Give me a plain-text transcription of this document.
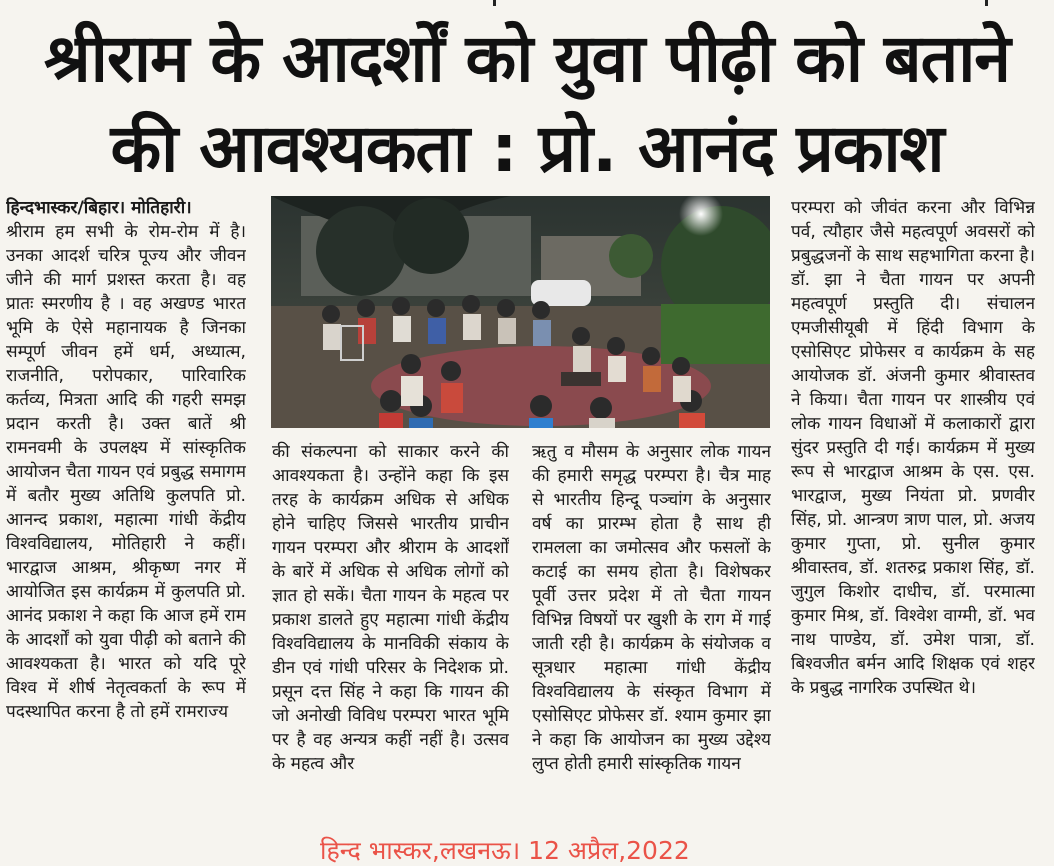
श्रीराम के आदर्शों को युवा पीढ़ी को बताने
की आवश्यकता : प्रो. आनंद प्रकाश

हिन्दभास्कर/बिहार। मोतिहारी।
श्रीराम हम सभी के रोम-रोम में है। उनका आदर्श चरित्र पूज्य और जीवन जीने की मार्ग प्रशस्त करता है। वह प्रातः स्मरणीय है । वह अखण्ड भारत भूमि के ऐसे महानायक है जिनका सम्पूर्ण जीवन हमें धर्म, अध्यात्म, राजनीति, परोपकार, पारिवारिक कर्तव्य, मित्रता आदि की गहरी समझ प्रदान करती है। उक्त बातें श्री रामनवमी के उपलक्ष्य में सांस्कृतिक आयोजन चैता गायन एवं प्रबुद्ध समागम में बतौर मुख्य अतिथि कुलपति प्रो. आनन्द प्रकाश, महात्मा गांधी केंद्रीय विश्वविद्यालय, मोतिहारी ने कहीं। भारद्वाज आश्रम, श्रीकृष्ण नगर में आयोजित इस कार्यक्रम में कुलपति प्रो. आनंद प्रकाश ने कहा कि आज हमें राम के आदर्शों को युवा पीढ़ी को बताने की आवश्यकता है। भारत को यदि पूरे विश्व में शीर्ष नेतृत्वकर्ता के रूप में पदस्थापित करना है तो हमें रामराज्य

की संकल्पना को साकार करने की आवश्यकता है। उन्होंने कहा कि इस तरह के कार्यक्रम अधिक से अधिक होने चाहिए जिससे भारतीय प्राचीन गायन परम्परा और श्रीराम के आदर्शों के बारें में अधिक से अधिक लोगों को ज्ञात हो सकें। चैता गायन के महत्व पर प्रकाश डालते हुए महात्मा गांधी केंद्रीय विश्वविद्यालय के मानविकी संकाय के डीन एवं गांधी परिसर के निदेशक प्रो. प्रसून दत्त सिंह ने कहा कि गायन की जो अनोखी विविध परम्परा भारत भूमि पर है वह अन्यत्र कहीं नहीं है। उत्सव के महत्व और

ऋतु व मौसम के अनुसार लोक गायन की हमारी समृद्ध परम्परा है। चैत्र माह से भारतीय हिन्दू पञ्चांग के अनुसार वर्ष का प्रारम्भ होता है साथ ही रामलला का जमोत्सव और फसलों के कटाई का समय होता है। विशेषकर पूर्वी उत्तर प्रदेश में तो चैता गायन विभिन्न विषयों पर खुशी के राग में गाई जाती रही है। कार्यक्रम के संयोजक व सूत्रधार महात्मा गांधी केंद्रीय विश्वविद्यालय के संस्कृत विभाग में एसोसिएट प्रोफेसर डॉ. श्याम कुमार झा ने कहा कि आयोजन का मुख्य उद्देश्य लुप्त होती हमारी सांस्कृतिक गायन

परम्परा को जीवंत करना और विभिन्न पर्व, त्यौहार जैसे महत्वपूर्ण अवसरों को प्रबुद्धजनों के साथ सहभागिता करना है। डॉ. झा ने चैता गायन पर अपनी महत्वपूर्ण प्रस्तुति दी। संचालन एमजीसीयूबी में हिंदी विभाग के एसोसिएट प्रोफेसर व कार्यक्रम के सह आयोजक डॉ. अंजनी कुमार श्रीवास्तव ने किया। चैता गायन पर शास्त्रीय एवं लोक गायन विधाओं में कलाकारों द्वारा सुंदर प्रस्तुति दी गई। कार्यक्रम में मुख्य रूप से भारद्वाज आश्रम के एस. एस. भारद्वाज, मुख्य नियंता प्रो. प्रणवीर सिंह, प्रो. आन्त्रण त्राण पाल, प्रो. अजय कुमार गुप्ता, प्रो. सुनील कुमार श्रीवास्तव, डॉ. शतरुद्र प्रकाश सिंह, डॉ. जुगुल किशोर दाधीच, डॉ. परमात्मा कुमार मिश्र, डॉ. विश्वेश वाग्मी, डॉ. भव नाथ पाण्डेय, डॉ. उमेश पात्रा, डॉ. बिश्वजीत बर्मन आदि शिक्षक एवं शहर के प्रबुद्ध नागरिक उपस्थित थे।

हिन्द भास्कर,लखनऊ। 12 अप्रैल,2022
